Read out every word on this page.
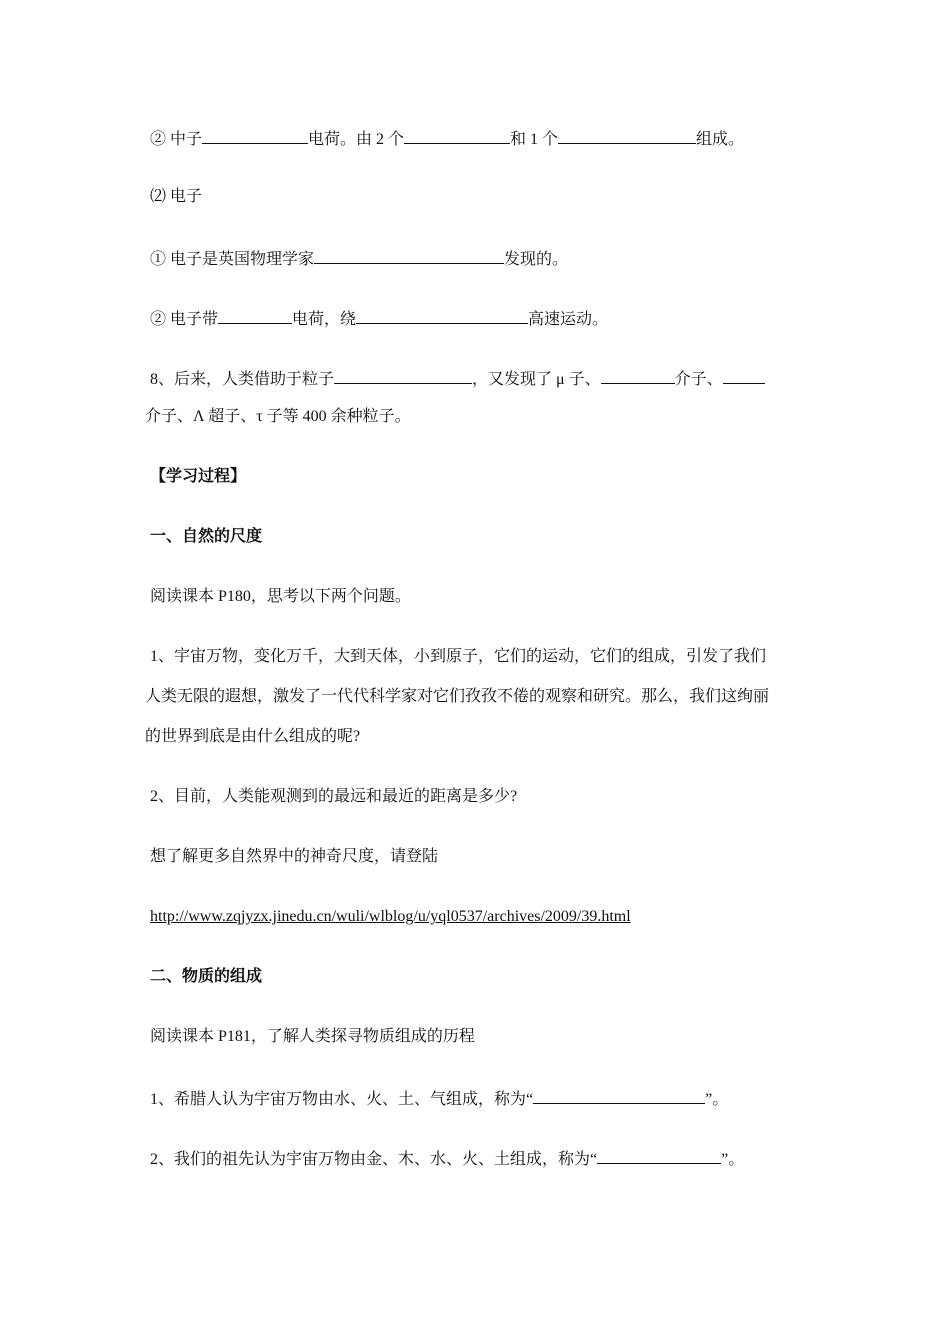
② 中子	电荷。由 2 个	和 1 个	组成。
⑵ 电子
① 电子是英国物理学家	发现的。
② 电子带	电荷，绕	高速运动。
8、后来，人类借助于粒子	，又发现了 μ 子、	介子、
介子、Λ 超子、τ 子等 400 余种粒子。
【学习过程】
一、自然的尺度
阅读课本 P180，思考以下两个问题。
1、宇宙万物，变化万千，大到天体，小到原子，它们的运动，它们的组成，引发了我们
人类无限的遐想，激发了一代代科学家对它们孜孜不倦的观察和研究。那么，我们这绚丽
的世界到底是由什么组成的呢?
2、目前，人类能观测到的最远和最近的距离是多少?
想了解更多自然界中的神奇尺度，请登陆
http://www.zqjyzx.jinedu.cn/wuli/wlblog/u/yql0537/archives/2009/39.html
二、物质的组成
阅读课本 P181，了解人类探寻物质组成的历程
1、希腊人认为宇宙万物由水、火、土、气组成，称为“	”。
2、我们的祖先认为宇宙万物由金、木、水、火、土组成，称为“	”。
